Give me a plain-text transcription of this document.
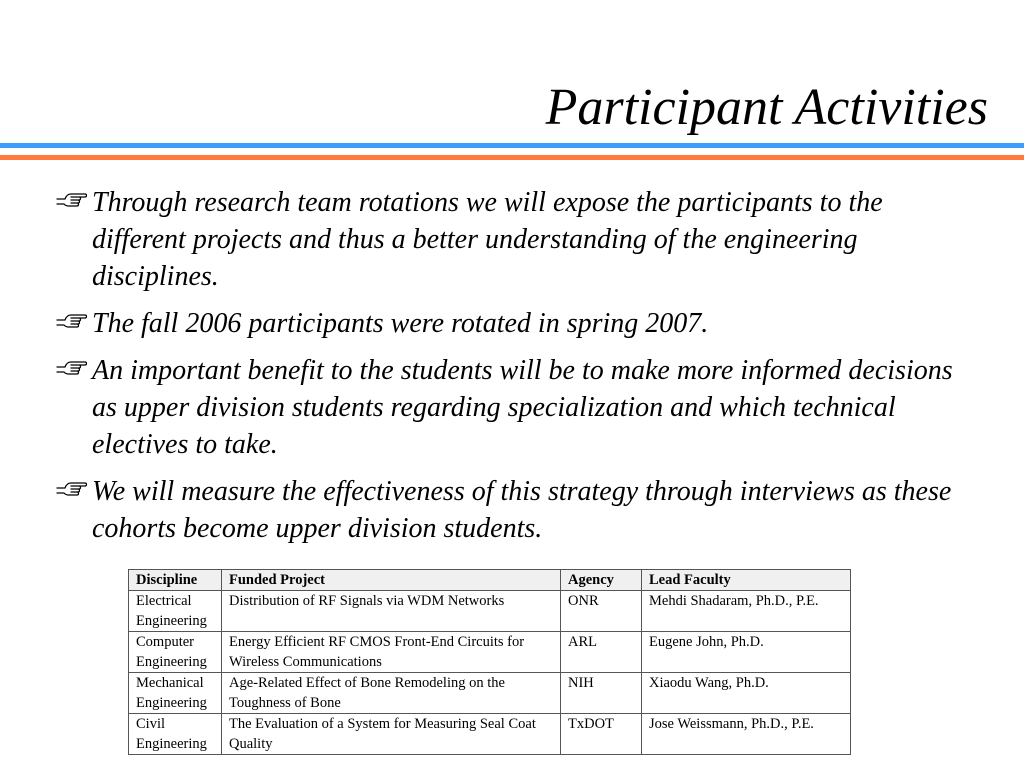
Participant Activities
Through research team rotations we will expose the participants to the different projects and thus a better understanding of the engineering disciplines.
The fall 2006 participants were rotated in spring 2007.
An important benefit to the students will be to make more informed decisions as upper division students regarding specialization and which technical electives to take.
We will measure the effectiveness of this strategy through interviews as these cohorts become upper division students.
Discipline	Funded Project	Agency	Lead Faculty
Electrical Engineering	Distribution of RF Signals via WDM Networks	ONR	Mehdi Shadaram, Ph.D., P.E.
Computer Engineering	Energy Efficient RF CMOS Front-End Circuits for Wireless Communications	ARL	Eugene John, Ph.D.
Mechanical Engineering	Age-Related Effect of Bone Remodeling on the Toughness of Bone	NIH	Xiaodu Wang, Ph.D.
Civil Engineering	The Evaluation of a System for Measuring Seal Coat Quality	TxDOT	Jose Weissmann, Ph.D., P.E.
